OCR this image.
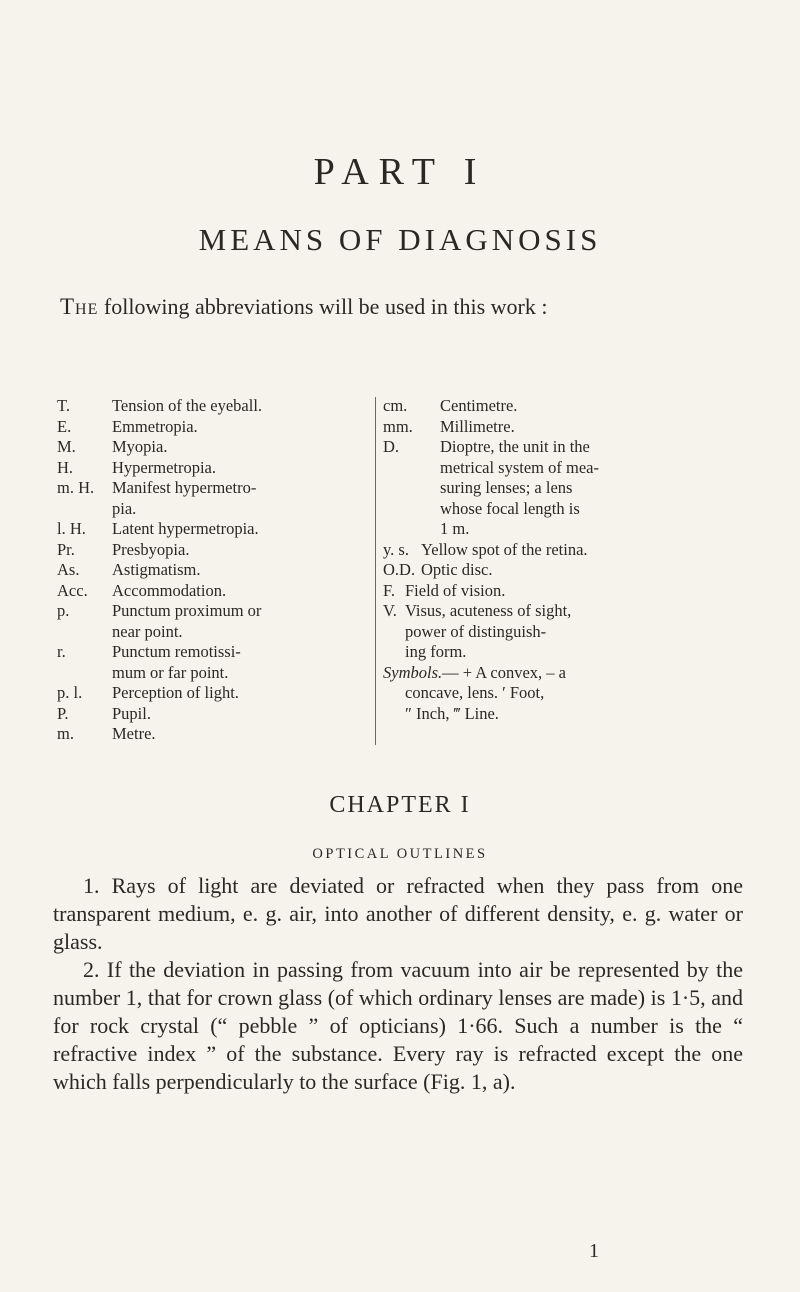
PART I
MEANS OF DIAGNOSIS
The following abbreviations will be used in this work :
T.	Tension of the eyeball.
E.	Emmetropia.
M.	Myopia.
H.	Hypermetropia.
m. H.	Manifest hypermetro-
pia.
l. H.	Latent hypermetropia.
Pr.	Presbyopia.
As.	Astigmatism.
Acc.	Accommodation.
p.	Punctum proximum or
near point.
r.	Punctum remotissi-
mum or far point.
p. l.	Perception of light.
P.	Pupil.
m.	Metre.
cm.	Centimetre.
mm.	Millimetre.
D.	Dioptre, the unit in the
metrical system of mea-
suring lenses; a lens
whose focal length is
1 m.
y. s. Yellow spot of the retina.
O.D. Optic disc.
F. Field of vision.
V. Visus, acuteness of sight,
power of distinguish-
ing form.
Symbols.— + A convex, – a
concave, lens. ′ Foot,
″ Inch, ‴ Line.
CHAPTER I
OPTICAL OUTLINES

1. Rays of light are deviated or refracted when they pass from one transparent medium, e. g. air, into another of different density, e. g. water or glass.

2. If the deviation in passing from vacuum into air be represented by the number 1, that for crown glass (of which ordinary lenses are made) is 1·5, and for rock crystal (“ pebble ” of opticians) 1·66. Such a number is the “ refractive index ” of the substance. Every ray is refracted except the one which falls perpendicularly to the surface (Fig. 1, a).

1
